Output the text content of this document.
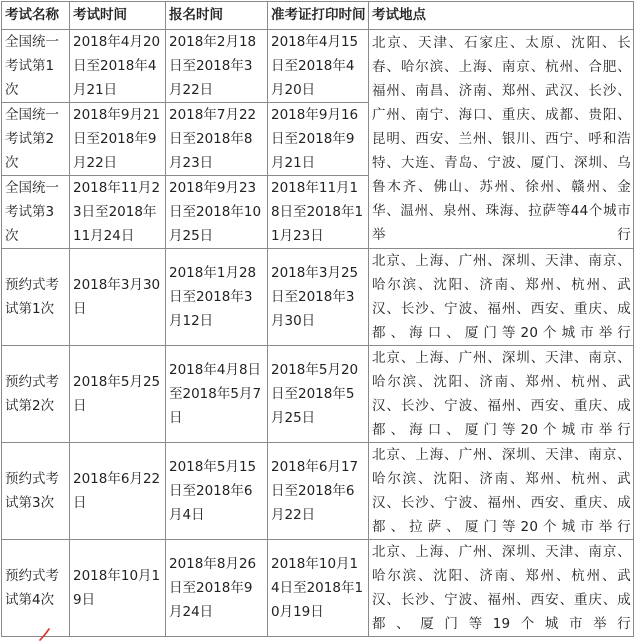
考试名称	考试时间	报名时间	准考证打印时间	考试地点
全国统一考试第1次	2018年4月20日至2018年4月21日	2018年2月18日至2018年3月22日	2018年4月15日至2018年4月20日	北京、天津、石家庄、太原、沈阳、长春、哈尔滨、上海、南京、杭州、合肥、福州、南昌、济南、郑州、武汉、长沙、广州、南宁、海口、重庆、成都、贵阳、昆明、西安、兰州、银川、西宁、呼和浩特、大连、青岛、宁波、厦门、深圳、乌鲁木齐、佛山、苏州、徐州、赣州、金华、温州、泉州、珠海、拉萨等44个城市举行
全国统一考试第2次	2018年9月21日至2018年9月22日	2018年7月22日至2018年8月23日	2018年9月16日至2018年9月21日	
全国统一考试第3次	2018年11月23日至2018年11月24日	2018年9月23日至2018年10月25日	2018年11月18日至2018年11月23日	
预约式考试第1次	2018年3月30日	2018年1月28日至2018年3月12日	2018年3月25日至2018年3月30日	北京、上海、广州、深圳、天津、南京、哈尔滨、沈阳、济南、郑州、杭州、武汉、长沙、宁波、福州、西安、重庆、成都、海口、厦门等20个城市举行
预约式考试第2次	2018年5月25日	2018年4月8日至2018年5月7日	2018年5月20日至2018年5月25日	北京、上海、广州、深圳、天津、南京、哈尔滨、沈阳、济南、郑州、杭州、武汉、长沙、宁波、福州、西安、重庆、成都、海口、厦门等20个城市举行
预约式考试第3次	2018年6月22日	2018年5月15日至2018年6月4日	2018年6月17日至2018年6月22日	北京、上海、广州、深圳、天津、南京、哈尔滨、沈阳、济南、郑州、杭州、武汉、长沙、宁波、福州、西安、重庆、成都、拉萨、厦门等20个城市举行
预约式考试第4次	2018年10月19日	2018年8月26日至2018年9月24日	2018年10月14日至2018年10月19日	北京、上海、广州、深圳、天津、南京、哈尔滨、沈阳、济南、郑州、杭州、武汉、长沙、宁波、福州、西安、重庆、成都、厦门等19个城市举行
